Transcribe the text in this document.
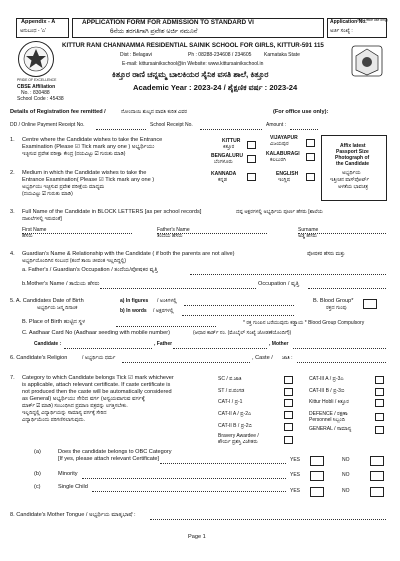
Appendix - A
ಅನುಬಂಧ - 'ಎ'
APPLICATION FORM FOR ADMISSION TO STANDARD VI
6ನೆಯ ತರಗತಿಗಾಗಿ ಪ್ರವೇಶ ಅರ್ಜಿ ನಮೂನೆ
Application No.
(For Office use only)
ಅರ್ಜಿ ಸಂಖ್ಯೆ :
PRIDE OF EXCELLENCE
CBSE Affiliation
No. : 830488
School Code : 45438
KITTUR RANI CHANNAMMA RESIDENTIAL SAINIK SCHOOL FOR GIRLS, KITTUR-591 115
Dist : Belagavi	Ph : 08288-234608 / 234605	Karnataka State
E-mail: kittursainikschool@in Website: www.kittursainikschool.in
ಕಿತ್ತೂರ ರಾಣಿ ಚನ್ನಮ್ಮ ಬಾಲಕಿಯರ ಸೈನಿಕ ವಸತಿ ಶಾಲೆ, ಕಿತ್ತೂರ
Academic Year : 2023-24 / ಶೈಕ್ಷಣಿಕ ವರ್ಷ : 2023-24
Details of Registration fee remitted /	ನೋಂದಾಯಿ ಶುಲ್ಕದ ಪಾವತಿ ಕುರಿತ ವಿವರ	(For office use only):
DD / Online Payment Receipt No.	School Receipt No.	Amount :
Affix latest
Passport Size
Photograph of
the Candidate
ಅಭ್ಯರ್ಥಿಯ
ಇತ್ತೀಚಿನ ಪಾಸ್‌ಪೋರ್ಟ್
ಅಳತೆಯ ಭಾವಚಿತ್ರ
1. Centre where the Candidate wishes to take the Entrance
Examination (Please ☑ Tick mark any one ) ಅಭ್ಯರ್ಥಿಯು
ಇಚ್ಛಿಸುವ ಪ್ರವೇಶ ಪರೀಕ್ಷಾ ಕೇಂದ್ರ (ದಯವಿಟ್ಟು ☑ ಗುರುತು ಮಾಡಿ)
KITTUR
ಕಿತ್ತೂರ
BENGALURU
ಬೆಂಗಳೂರು
VIJAYAPUR
ವಿಜಯಪುರ
KALABURAGI
ಕಲಬುರಗಿ
2. Medium in which the Candidate wishes to take the
Entrance Examination( Please ☑ Tick mark any one )
ಅಭ್ಯರ್ಥಿಯು ಇಚ್ಛಿಸುವ ಪ್ರವೇಶ ಪರೀಕ್ಷೆಯ ಮಾಧ್ಯಮ
(ದಯವಿಟ್ಟು ☑ ಗುರುತು ಮಾಡಿ)
KANNADA
ಕನ್ನಡ
ENGLISH
ಇಂಗ್ಲಿಷ
3. Full Name of the Candidate in BLOCK LETTERS [as per school records]	ದಪ್ಪ ಅಕ್ಷರಗಳಲ್ಲಿ ಅಭ್ಯರ್ಥಿಯ ಪೂರ್ಣ ಹೆಸರು [ಶಾಲೆಯ
ದಾಖಲೆಗಳಲ್ಲಿ ಇರುವಂತೆ]
First Name
ಹೆಸರು
Father's Name
ತಂದೆಯ ಹೆಸರು
Surname
ಅಡ್ಡ ಹೆಸರು
4. Guardian's Name & Relationship with the Candidate ( if both the parents are not alive)	ಪೋಷಕರ ಹೆಸರು ಮತ್ತು
ಅಭ್ಯರ್ಥಿಯೊಂದಿಗಿನ ಸಂಬಂಧ (ತಂದೆ ತಾಯಿ ಜೀವಂತ ಇಲ್ಲದಿದ್ದಲ್ಲಿ)
a. Father's / Guardian's Occupation / ತಂದೆಯ/ಪೋಷಕರ ವೃತ್ತಿ
b.Mother's Name / ತಾಯಿಯ ಹೆಸರು	Occupation / ವೃತ್ತಿ
5. A. Candidates Date of Birth
ಅಭ್ಯರ್ಥಿಯ ಜನ್ಮ ದಿನಾಂಕ
a) In figures / ಅಂಕಿಗಳಲ್ಲಿ
b) In words / ಅಕ್ಷರಗಳಲ್ಲಿ
B. Blood Group*
ರಕ್ತದ ಗುಂಪು
B. Place of Birth ಹುಟ್ಟಿದ ಸ್ಥಳ	* ರಕ್ತ ಗುಂಪಿನ ಬರೆಯುವುದು ಕಡ್ಡಾಯ * Blood Group Compulsory
C. Aadhaar Card No (Aadhaar seeding with mobile number)	(ಆಧಾರ ಕಾರ್ಡ್ ನಂ. (ಮೊಬೈಲ್ ಸಂಖ್ಯೆ ಜೋಡಣೆಯೊಂದಿಗೆ))
Candidate :	, Father	, Mother
6. Candidate's Religion	/ ಅಭ್ಯರ್ಥಿಯ ಧರ್ಮ	, Caste / ಜಾತಿ :
7. Category to which Candidate belongs Tick ☑ mark whichever
is applicable, attach relevant certificate. If caste certificate is
not produced then the caste will be automatically considered
as General) ಅಭ್ಯರ್ಥಿಯು ಸೇರಿದ ವರ್ಗ (ಅನ್ವಯವಾಗುವ ವರ್ಗಕ್ಕೆ
ಮಾರ್ಕ್ ☑ ಮಾಡಿ) ಸಂಬಂಧಿಸಿದ ಪ್ರಮಾಣ ಪತ್ರವನ್ನು ಲಗತ್ತಿಸಬೇಕು.
ಇಲ್ಲದಿದ್ದಲ್ಲಿ ವಿದ್ಯಾರ್ಥಿಯನ್ನು ಸಾಮಾನ್ಯ ವರ್ಗಕ್ಕೆ ಸೇರಿದ
ವಿದ್ಯಾರ್ಥಿಯೆಂದು ಪರಿಗಣಿಸಲಾಗುವುದು.
SC / ಪ.ಜಾತಿ
ST / ಪ.ಪಂಗಡ
CAT-I / ಪ್ರ-1
CAT-II A / ಪ್ರ-2ಎ
CAT-II B / ಪ್ರ-2ಬಿ
Bravery Awardee /
ಶೌರ್ಯ ಪ್ರಶಸ್ತಿ ವಿಜೇತರು
CAT-III A / ಪ್ರ-3ಎ
CAT-III B / ಪ್ರ-3ಬಿ
Kittur Hobli / ಕಿತ್ತೂರ
DEFENCE / ರಕ್ಷಣಾ
Personnel ಸಿಬ್ಬಂದಿ
GENERAL / ಸಾಮಾನ್ಯ
(a)	Does the candidate belongs to OBC Category
[If yes, please attach relevant Certificate]	YES	NO
(b)	Minority	YES	NO
(c)	Single Child
YES	NO
8. Candidate's Mother Tongue / ಅಭ್ಯರ್ಥಿಯ ಮಾತೃಭಾಷೆ :
Page 1
